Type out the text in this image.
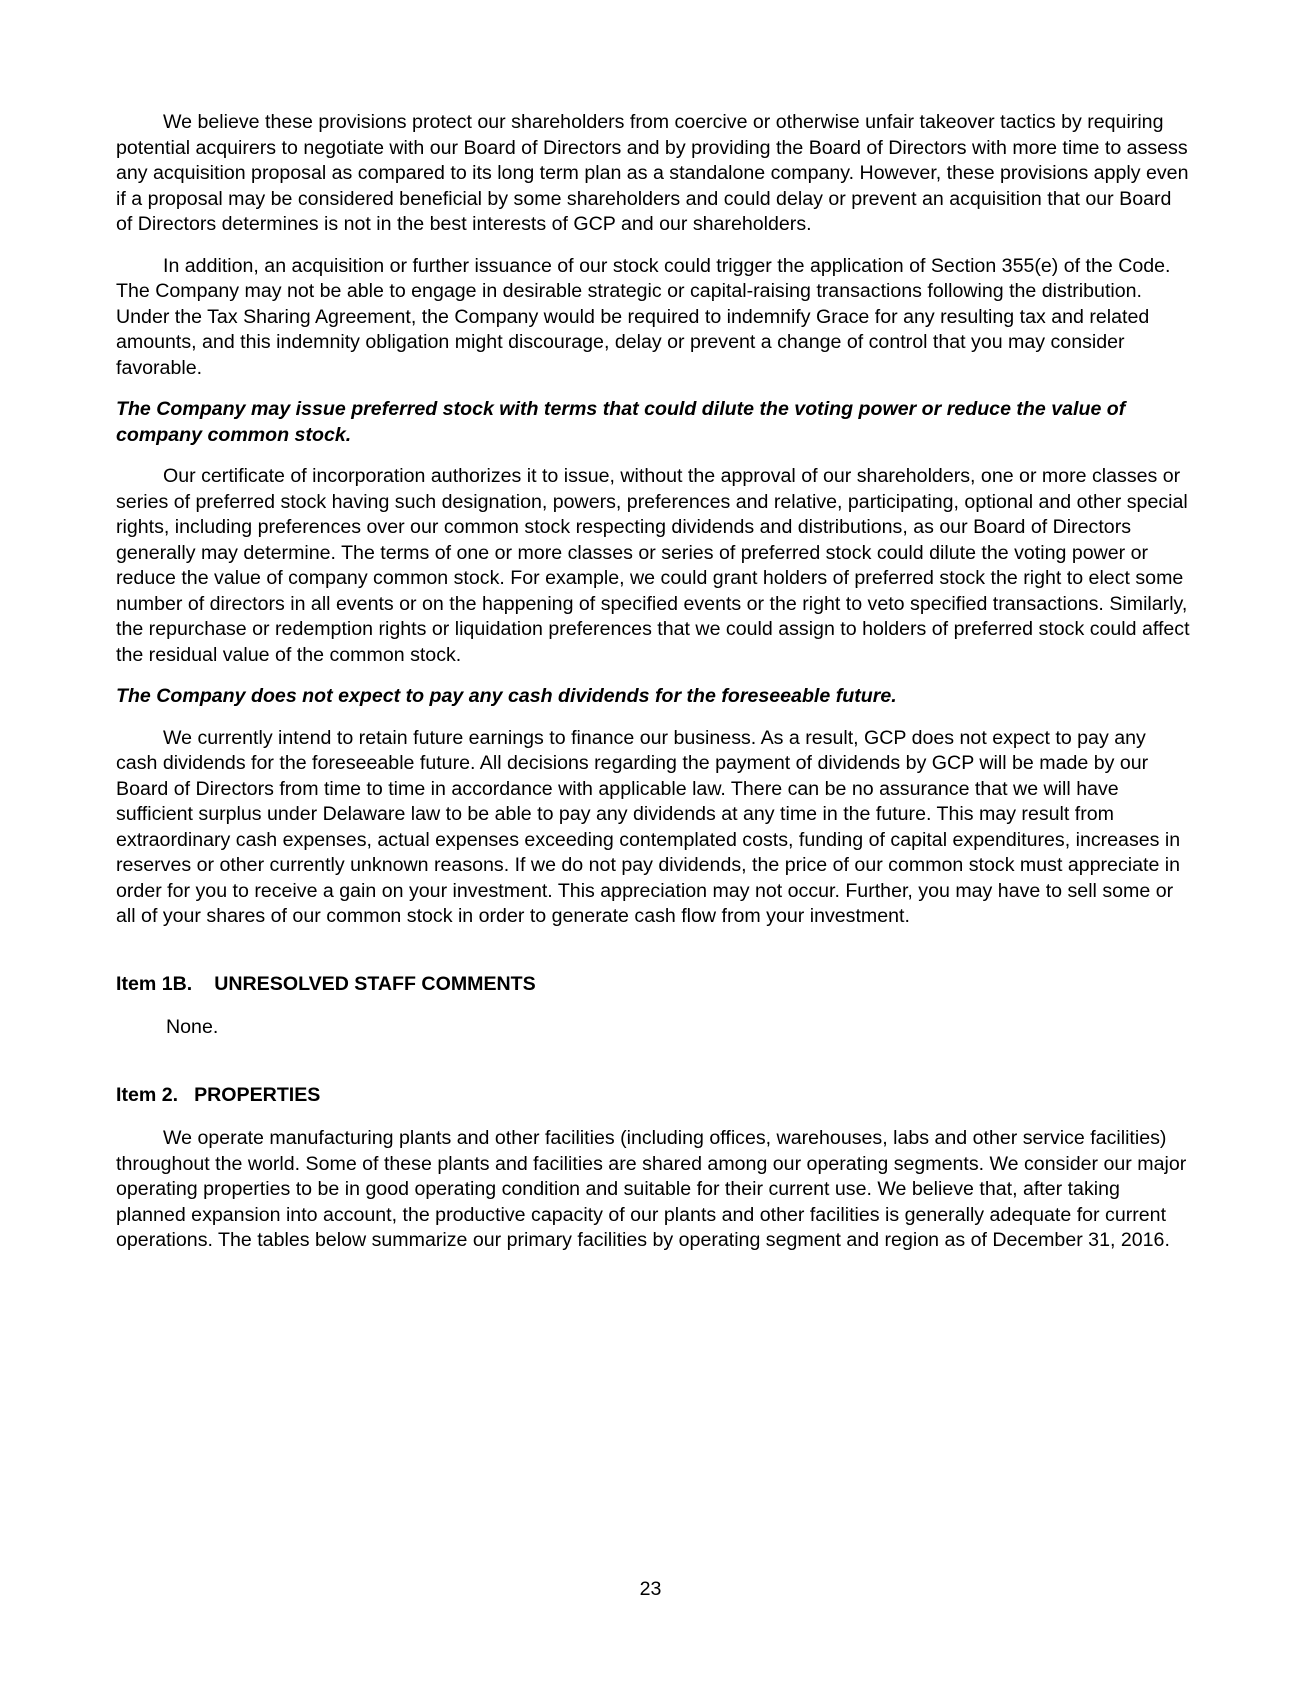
We believe these provisions protect our shareholders from coercive or otherwise unfair takeover tactics by requiring potential acquirers to negotiate with our Board of Directors and by providing the Board of Directors with more time to assess any acquisition proposal as compared to its long term plan as a standalone company. However, these provisions apply even if a proposal may be considered beneficial by some shareholders and could delay or prevent an acquisition that our Board of Directors determines is not in the best interests of GCP and our shareholders.

In addition, an acquisition or further issuance of our stock could trigger the application of Section 355(e) of the Code. The Company may not be able to engage in desirable strategic or capital-raising transactions following the distribution. Under the Tax Sharing Agreement, the Company would be required to indemnify Grace for any resulting tax and related amounts, and this indemnity obligation might discourage, delay or prevent a change of control that you may consider favorable.

The Company may issue preferred stock with terms that could dilute the voting power or reduce the value of company common stock.

Our certificate of incorporation authorizes it to issue, without the approval of our shareholders, one or more classes or series of preferred stock having such designation, powers, preferences and relative, participating, optional and other special rights, including preferences over our common stock respecting dividends and distributions, as our Board of Directors generally may determine. The terms of one or more classes or series of preferred stock could dilute the voting power or reduce the value of company common stock. For example, we could grant holders of preferred stock the right to elect some number of directors in all events or on the happening of specified events or the right to veto specified transactions. Similarly, the repurchase or redemption rights or liquidation preferences that we could assign to holders of preferred stock could affect the residual value of the common stock.

The Company does not expect to pay any cash dividends for the foreseeable future.

We currently intend to retain future earnings to finance our business. As a result, GCP does not expect to pay any cash dividends for the foreseeable future. All decisions regarding the payment of dividends by GCP will be made by our Board of Directors from time to time in accordance with applicable law. There can be no assurance that we will have sufficient surplus under Delaware law to be able to pay any dividends at any time in the future. This may result from extraordinary cash expenses, actual expenses exceeding contemplated costs, funding of capital expenditures, increases in reserves or other currently unknown reasons. If we do not pay dividends, the price of our common stock must appreciate in order for you to receive a gain on your investment. This appreciation may not occur. Further, you may have to sell some or all of your shares of our common stock in order to generate cash flow from your investment.

Item 1B. UNRESOLVED STAFF COMMENTS

None.

Item 2. PROPERTIES

We operate manufacturing plants and other facilities (including offices, warehouses, labs and other service facilities) throughout the world. Some of these plants and facilities are shared among our operating segments. We consider our major operating properties to be in good operating condition and suitable for their current use. We believe that, after taking planned expansion into account, the productive capacity of our plants and other facilities is generally adequate for current operations. The tables below summarize our primary facilities by operating segment and region as of December 31, 2016.

23
